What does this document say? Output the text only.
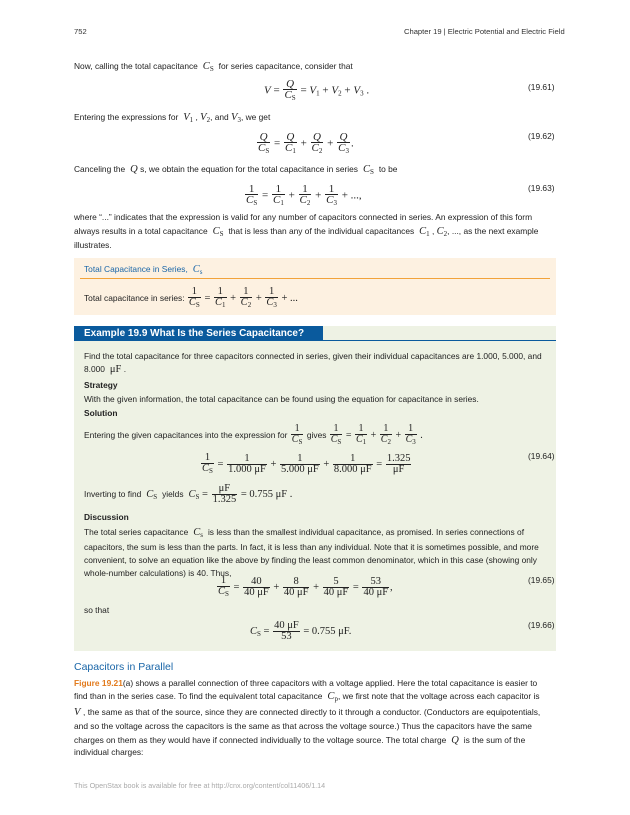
752	Chapter 19 | Electric Potential and Electric Field
Now, calling the total capacitance  $C_S$ for series capacitance, consider that
$V = \frac{Q}{C_S} = V_1 + V_2 + V_3$ .	(19.61)
Entering the expressions for  $V_1$ , $V_2$, and $V_3$, we get
$\frac{Q}{C_S} = \frac{Q}{C_1} + \frac{Q}{C_2} + \frac{Q}{C_3}$ .
(19.62)
Canceling the  Q s, we obtain the equation for the total capacitance in series  $C_S$ to be
$\frac{1}{C_S} = \frac{1}{C_1} + \frac{1}{C_2} + \frac{1}{C_3}$ + ...,
(19.63)
where “...” indicates that the expression is valid for any number of capacitors connected in series. An expression of this form
always results in a total capacitance  $C_S$ that is less than any of the individual capacitances  $C_1$ , $C_2$, ..., as the next example
illustrates.
Total Capacitance in Series,  $C_s$
Total capacitance in series: $\frac{1}{C_S} = \frac{1}{C_1} + \frac{1}{C_2} + \frac{1}{C_3}$ + ...
Example 19.9 What Is the Series Capacitance?
Find the total capacitance for three capacitors connected in series, given their individual capacitances are 1.000, 5.000, and
8.000 μF .
Strategy
With the given information, the total capacitance can be found using the equation for capacitance in series.
Solution
Entering the given capacitances into the expression for $\frac{1}{C_S}$ gives $\frac{1}{C_S} = \frac{1}{C_1} + \frac{1}{C_2} + \frac{1}{C_3}$ .
$\frac{1}{C_S} = \frac{1}{1.000 \mu F} + \frac{1}{5.000 \mu F} + \frac{1}{8.000 \mu F} = \frac{1.325}{\mu F}$	(19.64)
Inverting to find  $C_S$ yields $C_S = \frac{\mu F}{1.325} = 0.755$ μF .
Discussion
The total series capacitance  $C_s$ is less than the smallest individual capacitance, as promised. In series connections of
capacitors, the sum is less than the parts. In fact, it is less than any individual. Note that it is sometimes possible, and more
convenient, to solve an equation like the above by finding the least common denominator, which in this case (showing only
whole-number calculations) is 40. Thus,
$\frac{1}{C_S} = \frac{40}{40 \mu F} + \frac{8}{40 \mu F} + \frac{5}{40 \mu F} = \frac{53}{40 \mu F}$ ,
(19.65)
so that
$C_S = \frac{40 \mu F}{53} = 0.755$ μF.
(19.66)
Capacitors in Parallel
Figure 19.21(a) shows a parallel connection of three capacitors with a voltage applied. Here the total capacitance is easier to
find than in the series case. To find the equivalent total capacitance  $C_p$, we first note that the voltage across each capacitor is
V , the same as that of the source, since they are connected directly to it through a conductor. (Conductors are equipotentials,
and so the voltage across the capacitors is the same as that across the voltage source.) Thus the capacitors have the same
charges on them as they would have if connected individually to the voltage source. The total charge  Q  is the sum of the
individual charges:
This OpenStax book is available for free at http://cnx.org/content/col11406/1.14
